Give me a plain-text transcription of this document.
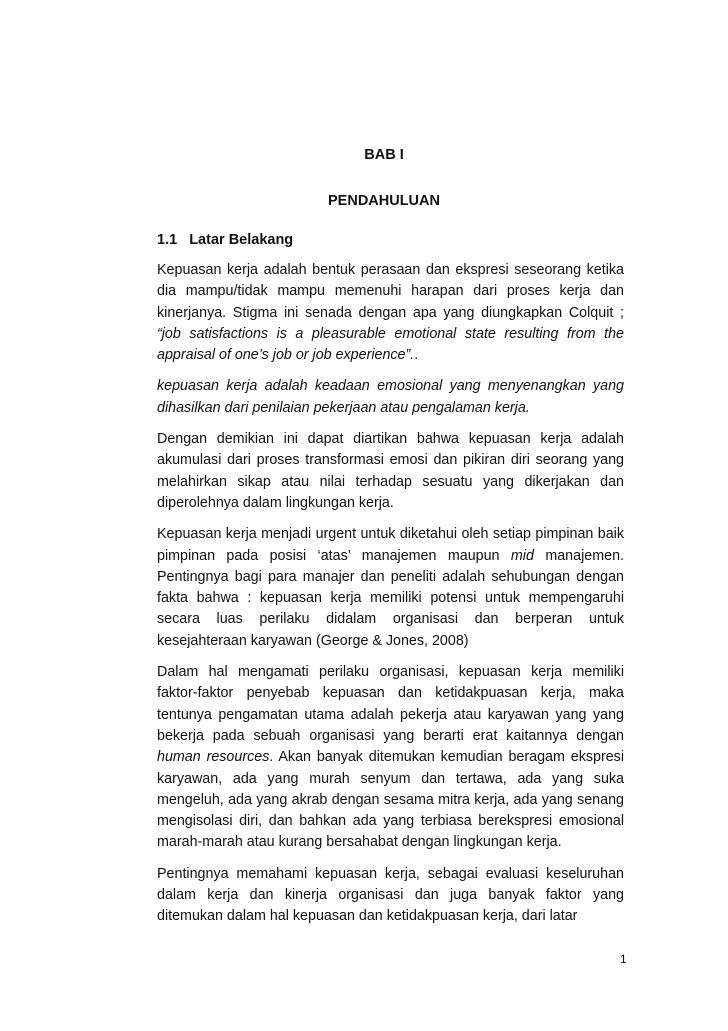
BAB I
PENDAHULUAN
1.1 Latar Belakang

Kepuasan kerja adalah bentuk perasaan dan ekspresi seseorang ketika dia mampu/tidak mampu memenuhi harapan dari proses kerja dan kinerjanya. Stigma ini senada dengan apa yang diungkapkan Colquit ; “job satisfactions is a pleasurable emotional state resulting from the appraisal of one’s job or job experience”..

kepuasan kerja adalah keadaan emosional yang menyenangkan yang dihasilkan dari penilaian pekerjaan atau pengalaman kerja.

Dengan demikian ini dapat diartikan bahwa kepuasan kerja adalah akumulasi dari proses transformasi emosi dan pikiran diri seorang yang melahirkan sikap atau nilai terhadap sesuatu yang dikerjakan dan diperolehnya dalam lingkungan kerja.

Kepuasan kerja menjadi urgent untuk diketahui oleh setiap pimpinan baik pimpinan pada posisi ‘atas’ manajemen maupun mid manajemen. Pentingnya bagi para manajer dan peneliti adalah sehubungan dengan fakta bahwa : kepuasan kerja memiliki potensi untuk mempengaruhi secara luas perilaku didalam organisasi dan berperan untuk kesejahteraan karyawan (George & Jones, 2008)

Dalam hal mengamati perilaku organisasi, kepuasan kerja memiliki faktor-faktor penyebab kepuasan dan ketidakpuasan kerja, maka tentunya pengamatan utama adalah pekerja atau karyawan yang yang bekerja pada sebuah organisasi yang berarti erat kaitannya dengan human resources. Akan banyak ditemukan kemudian beragam ekspresi karyawan, ada yang murah senyum dan tertawa, ada yang suka mengeluh, ada yang akrab dengan sesama mitra kerja, ada yang senang mengisolasi diri, dan bahkan ada yang terbiasa berekspresi emosional marah-marah atau kurang bersahabat dengan lingkungan kerja.

Pentingnya memahami kepuasan kerja, sebagai evaluasi keseluruhan dalam kerja dan kinerja organisasi dan juga banyak faktor yang ditemukan dalam hal kepuasan dan ketidakpuasan kerja, dari latar

1
